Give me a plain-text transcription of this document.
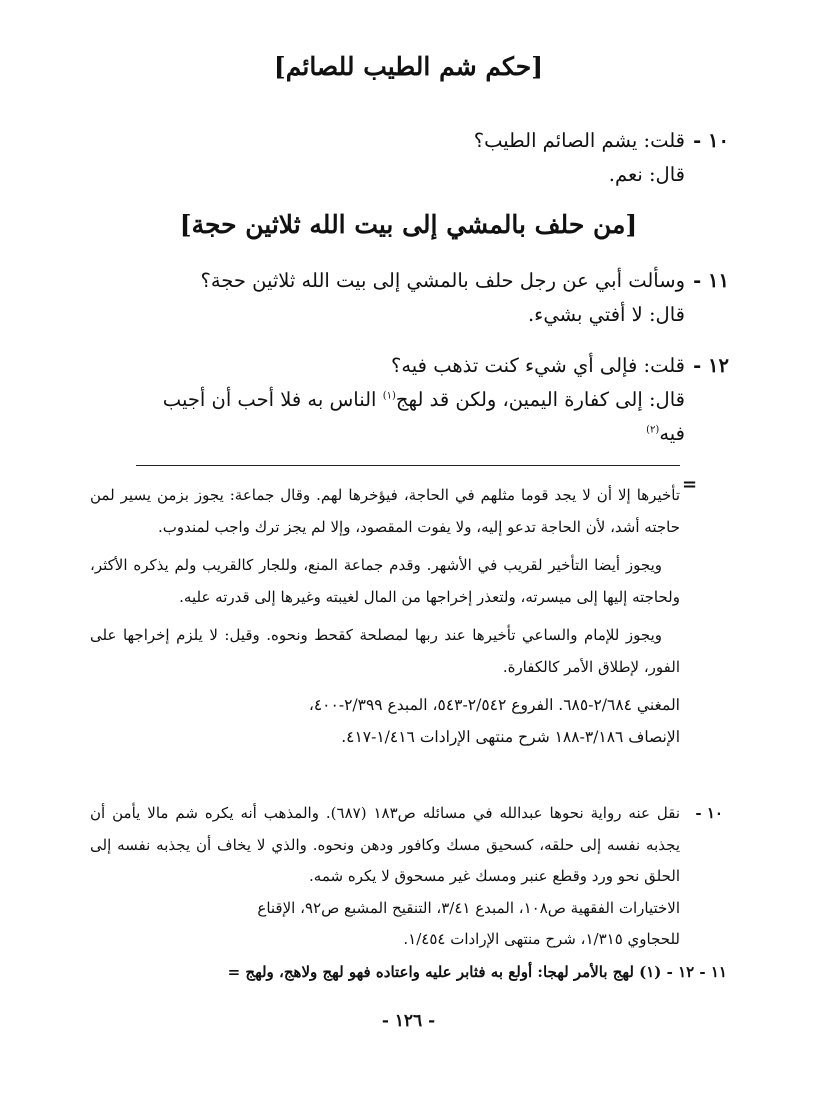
[حكم شم الطيب للصائم]
١٠ -قلت: يشم الصائم الطيب؟
قال: نعم.
[من حلف بالمشي إلى بيت الله ثلاثين حجة]
١١ -وسألت أبي عن رجل حلف بالمشي إلى بيت الله ثلاثين حجة؟
قال: لا أفتي بشيء.
١٢ -قلت: فإلى أي شيء كنت تذهب فيه؟
قال: إلى كفارة اليمين، ولكن قد لهج$^{(١)}$ الناس به فلا أحب أن أجيب
فيه$^{(٢)}$
=

تأخيرها إلا أن لا يجد قوما مثلهم في الحاجة، فيؤخرها لهم. وقال جماعة: يجوز بزمن يسير لمن حاجته أشد، لأن الحاجة تدعو إليه، ولا يفوت المقصود، وإلا لم يجز ترك واجب لمندوب.

ويجوز أيضا التأخير لقريب في الأشهر. وقدم جماعة المنع، وللجار كالقريب ولم يذكره الأكثر، ولحاجته إليها إلى ميسرته، ولتعذر إخراجها من المال لغيبته وغيرها إلى قدرته عليه.

ويجوز للإمام والساعي تأخيرها عند ربها لمصلحة كقحط ونحوه. وقيل: لا يلزم إخراجها على الفور، لإطلاق الأمر كالكفارة.

المغني ٢/٦٨٤-٦٨٥. الفروع ٢/٥٤٢-٥٤٣، المبدع ٢/٣٩٩-٤٠٠،
الإنصاف ٣/١٨٦-١٨٨ شرح منتهى الإرادات ١/٤١٦-٤١٧.
١٠ -
نقل عنه رواية نحوها عبدالله في مسائله ص١٨٣ (٦٨٧). والمذهب أنه يكره شم مالا يأمن أن يجذبه نفسه إلى حلقه، كسحيق مسك وكافور ودهن ونحوه. والذي لا يخاف أن يجذبه نفسه إلى الحلق نحو ورد وقطع عنبر ومسك غير مسحوق لا يكره شمه.
الاختيارات الفقهية ص١٠٨، المبدع ٣/٤١، التنقيح المشبع ص٩٢، الإقناع
للحجاوي ١/٣١٥، شرح منتهى الإرادات ١/٤٥٤.
١١ - ١٢ - (١) لهج بالأمر لهجا: أولع به فثابر عليه واعتاده فهو لهج ولاهج، ولهج =
- ١٢٦ -
